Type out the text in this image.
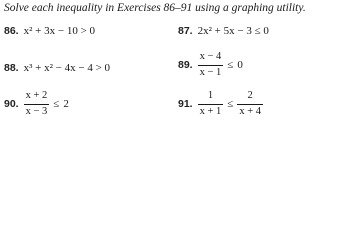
Solve each inequality in Exercises 86–91 using a graphing utility.
86. x² + 3x − 10 > 0	87. 2x² + 5x − 3 ≤ 0
88. x³ + x² − 4x − 4 > 0	89. $\frac{x - 4}{x - 1} \le 0$
90. $\frac{x + 2}{x - 3} \le 2$	91. $\frac{1}{x + 1} \le \frac{2}{x + 4}$
